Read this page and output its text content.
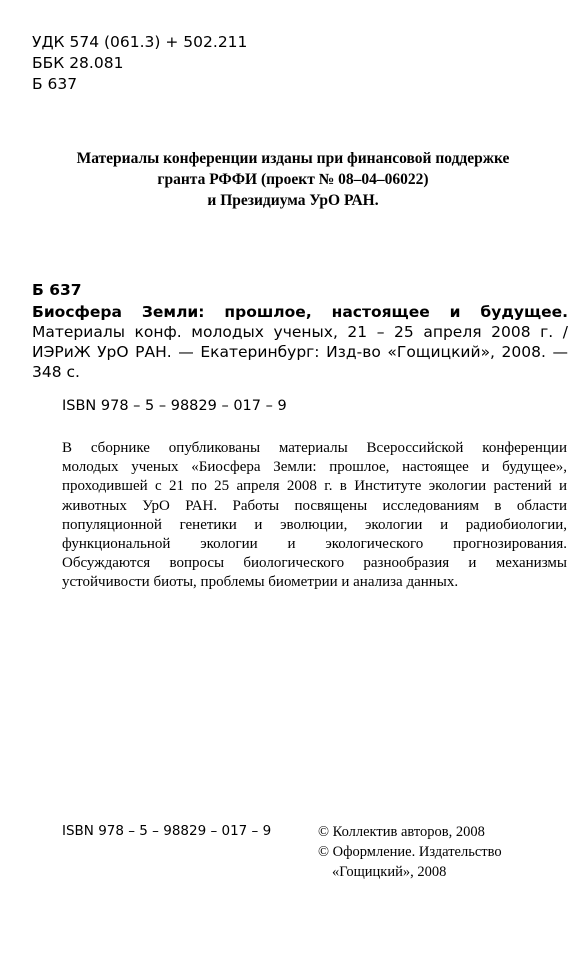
УДК 574 (061.3) + 502.211
ББК 28.081
Б 637
Материалы конференции изданы при финансовой поддержке
гранта РФФИ (проект № 08–04–06022)
и Президиума УрО РАН.
Б 637
Биосфера Земли: прошлое, настоящее и будущее. Материалы конф. молодых ученых, 21 – 25 апреля 2008 г. / ИЭРиЖ УрО РАН. — Екатеринбург: Изд-во «Гощицкий», 2008. — 348 с.
ISBN 978 – 5 – 98829 – 017 – 9
В сборнике опубликованы материалы Всероссийской конференции
молодых ученых «Биосфера Земли: прошлое, настоящее и будущее»,
проходившей с 21 по 25 апреля 2008 г. в Институте экологии растений и
животных УрО РАН. Работы посвящены исследованиям в области
популяционной генетики и эволюции, экологии и радиобиологии,
функциональной экологии и экологического прогнозирования.
Обсуждаются вопросы биологического разнообразия и механизмы
устойчивости биоты, проблемы биометрии и анализа данных.
ISBN 978 – 5 – 98829 – 017 – 9	© Коллектив авторов, 2008
© Оформление. Издательство
«Гощицкий», 2008
